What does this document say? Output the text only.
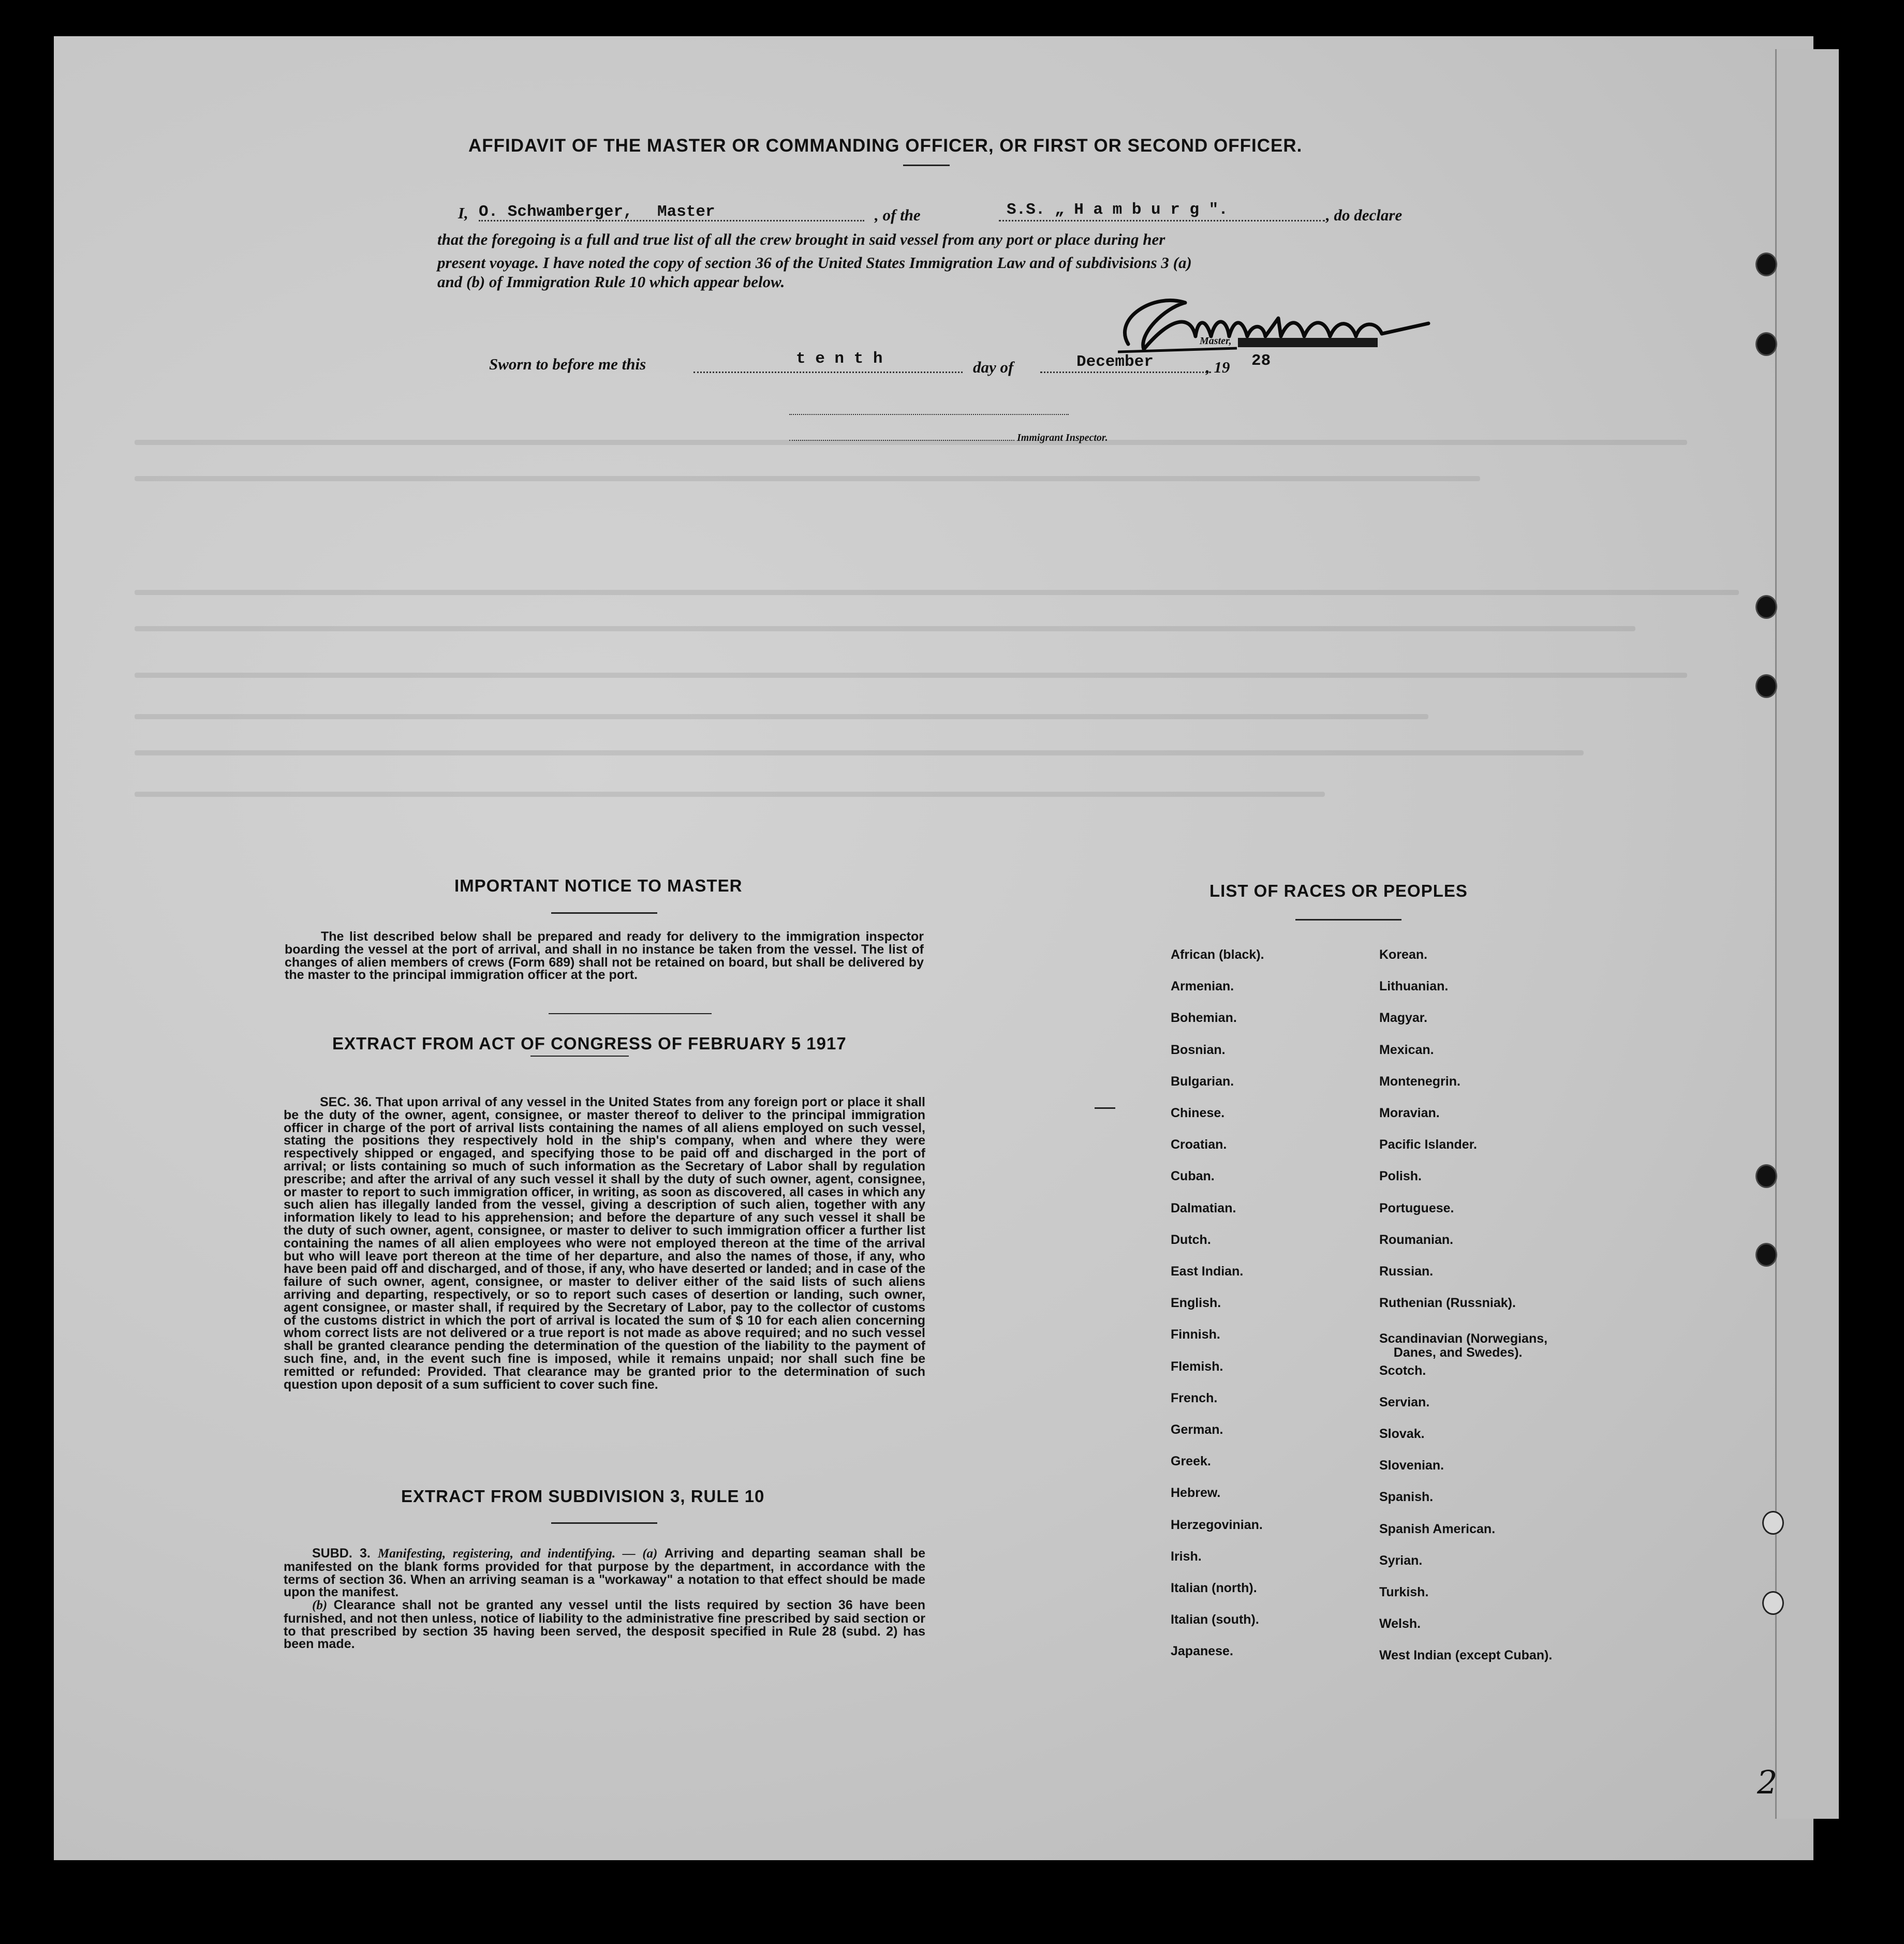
AFFIDAVIT OF THE MASTER OR COMMANDING OFFICER, OR FIRST OR SECOND OFFICER.
I, O. Schwamberger, Master	, of the	S.S. „ H a m b u r g ".	, do declare
that the foregoing is a full and true list of all the crew brought in said vessel from any port or place during her
present voyage. I have noted the copy of section 36 of the United States Immigration Law and of subdivisions 3 (a)
and (b) of Immigration Rule 10 which appear below.
Master,
Sworn to before me this	t e n t h	day of	December	, 19 28
Immigrant Inspector.
IMPORTANT NOTICE TO MASTER
The list described below shall be prepared and ready for delivery to the immigration inspector boarding the vessel at the port of arrival, and shall in no instance be taken from the vessel. The list of changes of alien members of crews (Form 689) shall not be retained on board, but shall be delivered by the master to the principal immigration officer at the port.
EXTRACT FROM ACT OF CONGRESS OF FEBRUARY 5 1917
SEC. 36. That upon arrival of any vessel in the United States from any foreign port or place it shall be the duty of the owner, agent, consignee, or master thereof to deliver to the principal immigration officer in charge of the port of arrival lists containing the names of all aliens employed on such vessel, stating the positions they respectively hold in the ship's company, when and where they were respectively shipped or engaged, and specifying those to be paid off and discharged in the port of arrival; or lists containing so much of such information as the Secretary of Labor shall by regulation prescribe; and after the arrival of any such vessel it shall by the duty of such owner, agent, consignee, or master to report to such immigration officer, in writing, as soon as discovered, all cases in which any such alien has illegally landed from the vessel, giving a description of such alien, together with any information likely to lead to his apprehension; and before the departure of any such vessel it shall be the duty of such owner, agent, consignee, or master to deliver to such immigration officer a further list containing the names of all alien employees who were not employed thereon at the time of the arrival but who will leave port thereon at the time of her departure, and also the names of those, if any, who have been paid off and discharged, and of those, if any, who have deserted or landed; and in case of the failure of such owner, agent, consignee, or master to deliver either of the said lists of such aliens arriving and departing, respectively, or so to report such cases of desertion or landing, such owner, agent consignee, or master shall, if required by the Secretary of Labor, pay to the collector of customs of the customs district in which the port of arrival is located the sum of $ 10 for each alien concerning whom correct lists are not delivered or a true report is not made as above required; and no such vessel shall be granted clearance pending the determination of the question of the liability to the payment of such fine, and, in the event such fine is imposed, while it remains unpaid; nor shall such fine be remitted or refunded: Provided. That clearance may be granted prior to the determination of such question upon deposit of a sum sufficient to cover such fine.
EXTRACT FROM SUBDIVISION 3, RULE 10
SUBD. 3. Manifesting, registering, and indentifying. — (a) Arriving and departing seaman shall be manifested on the blank forms provided for that purpose by the department, in accordance with the terms of section 36. When an arriving seaman is a "workaway" a notation to that effect should be made upon the manifest.
(b) Clearance shall not be granted any vessel until the lists required by section 36 have been furnished, and not then unless, notice of liability to the administrative fine prescribed by said section or to that prescribed by section 35 having been served, the desposit specified in Rule 28 (subd. 2) has been made.
LIST OF RACES OR PEOPLES
African (black).
Armenian.
Bohemian.
Bosnian.
Bulgarian.
Chinese.
Croatian.
Cuban.
Dalmatian.
Dutch.
East Indian.
English.
Finnish.
Flemish.
French.
German.
Greek.
Hebrew.
Herzegovinian.
Irish.
Italian (north).
Italian (south).
Japanese.
Korean.
Lithuanian.
Magyar.
Mexican.
Montenegrin.
Moravian.
Pacific Islander.
Polish.
Portuguese.
Roumanian.
Russian.
Ruthenian (Russniak).
Scandinavian (Norwegians,
Danes, and Swedes).
Scotch.
Servian.
Slovak.
Slovenian.
Spanish.
Spanish American.
Syrian.
Turkish.
Welsh.
West Indian (except Cuban).
2
